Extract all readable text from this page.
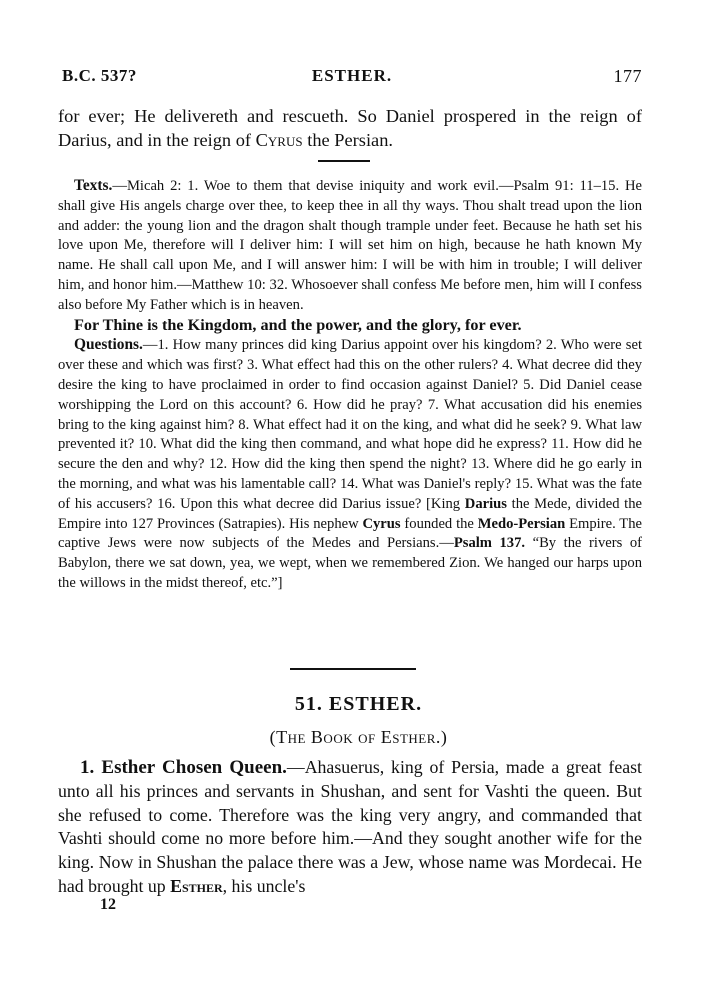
B.C. 537?	ESTHER.	177
for ever; He delivereth and rescueth. So Daniel prospered in the reign of Darius, and in the reign of Cyrus the Persian.

Texts.—Micah 2: 1. Woe to them that devise iniquity and work evil.—Psalm 91: 11–15. He shall give His angels charge over thee, to keep thee in all thy ways. Thou shalt tread upon the lion and adder: the young lion and the dragon shalt though trample under feet. Because he hath set his love upon Me, therefore will I deliver him: I will set him on high, because he hath known My name. He shall call upon Me, and I will answer him: I will be with him in trouble; I will deliver him, and honor him.—Matthew 10: 32. Whosoever shall confess Me before men, him will I confess also before My Father which is in heaven.

For Thine is the Kingdom, and the power, and the glory, for ever.

Questions.—1. How many princes did king Darius appoint over his kingdom? 2. Who were set over these and which was first? 3. What effect had this on the other rulers? 4. What decree did they desire the king to have proclaimed in order to find occasion against Daniel? 5. Did Daniel cease worshipping the Lord on this account? 6. How did he pray? 7. What accusation did his enemies bring to the king against him? 8. What effect had it on the king, and what did he seek? 9. What law prevented it? 10. What did the king then command, and what hope did he express? 11. How did he secure the den and why? 12. How did the king then spend the night? 13. Where did he go early in the morning, and what was his lamentable call? 14. What was Daniel's reply? 15. What was the fate of his accusers? 16. Upon this what decree did Darius issue? [King Darius the Mede, divided the Empire into 127 Provinces (Satrapies). His nephew Cyrus founded the Medo-Persian Empire. The captive Jews were now subjects of the Medes and Persians.—Psalm 137. “By the rivers of Babylon, there we sat down, yea, we wept, when we remembered Zion. We hanged our harps upon the willows in the midst thereof, etc.”]

51. ESTHER.
(The Book of Esther.)

1. Esther Chosen Queen.—Ahasuerus, king of Persia, made a great feast unto all his princes and servants in Shushan, and sent for Vashti the queen. But she refused to come. Therefore was the king very angry, and commanded that Vashti should come no more before him.—And they sought another wife for the king. Now in Shushan the palace there was a Jew, whose name was Mordecai. He had brought up Esther, his uncle's

12
